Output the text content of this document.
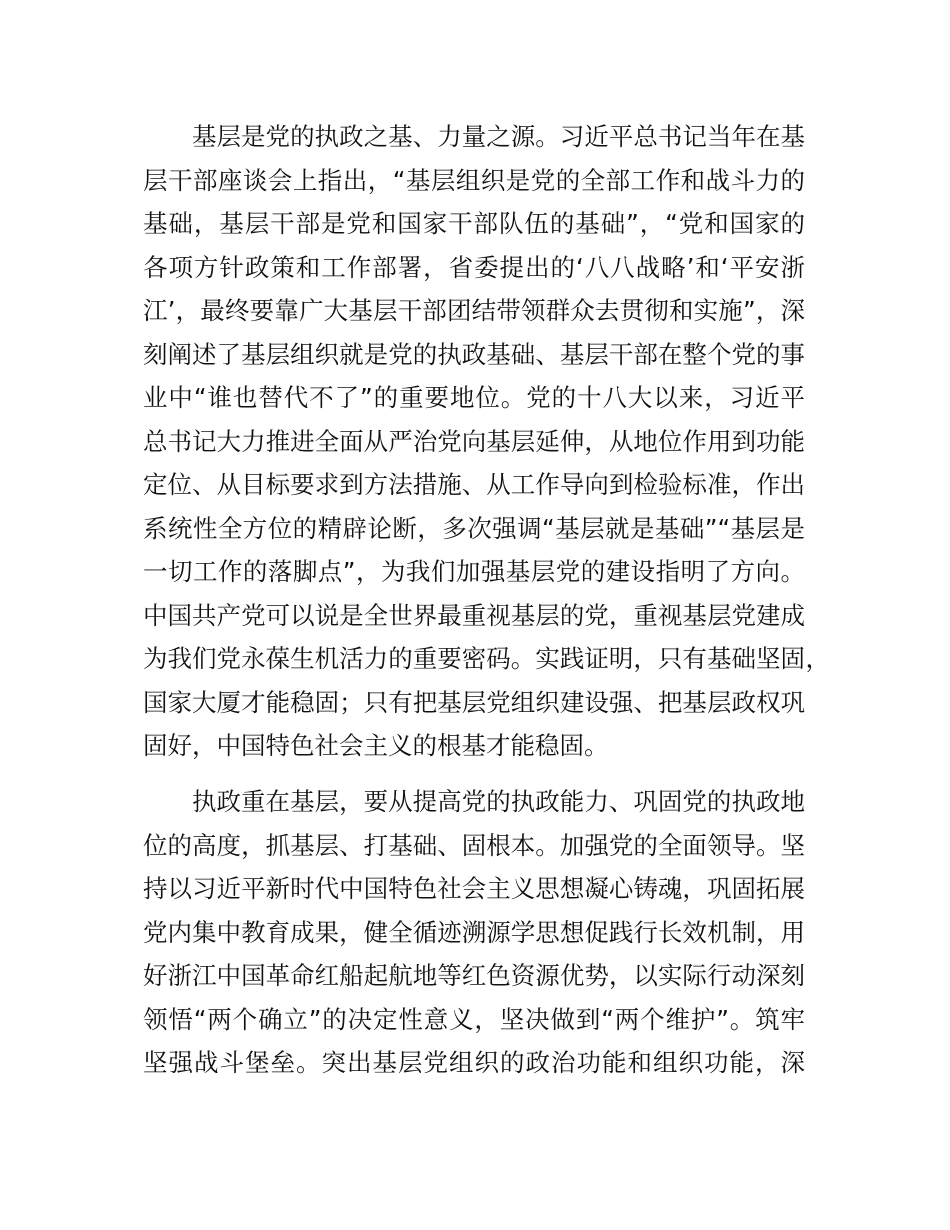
基层是党的执政之基、力量之源。习近平总书记当年在基
层干部座谈会上指出，“基层组织是党的全部工作和战斗力的
基础，基层干部是党和国家干部队伍的基础”，“党和国家的
各项方针政策和工作部署，省委提出的‘八八战略’和‘平安浙
江’，最终要靠广大基层干部团结带领群众去贯彻和实施”，深
刻阐述了基层组织就是党的执政基础、基层干部在整个党的事
业中“谁也替代不了”的重要地位。党的十八大以来，习近平
总书记大力推进全面从严治党向基层延伸，从地位作用到功能
定位、从目标要求到方法措施、从工作导向到检验标准，作出
系统性全方位的精辟论断，多次强调“基层就是基础”“基层是
一切工作的落脚点”，为我们加强基层党的建设指明了方向。
中国共产党可以说是全世界最重视基层的党，重视基层党建成
为我们党永葆生机活力的重要密码。实践证明，只有基础坚固 ，
国家大厦才能稳固；只有把基层党组织建设强、把基层政权巩
固好，中国特色社会主义的根基才能稳固。
执政重在基层，要从提高党的执政能力、巩固党的执政地
位的高度，抓基层、打基础、固根本。加强党的全面领导。坚
持以习近平新时代中国特色社会主义思想凝心铸魂，巩固拓展
党内集中教育成果，健全循迹溯源学思想促践行长效机制，用
好浙江中国革命红船起航地等红色资源优势，以实际行动深刻
领悟“两个确立”的决定性意义，坚决做到“两个维护”。筑牢
坚强战斗堡垒。突出基层党组织的政治功能和组织功能，深
